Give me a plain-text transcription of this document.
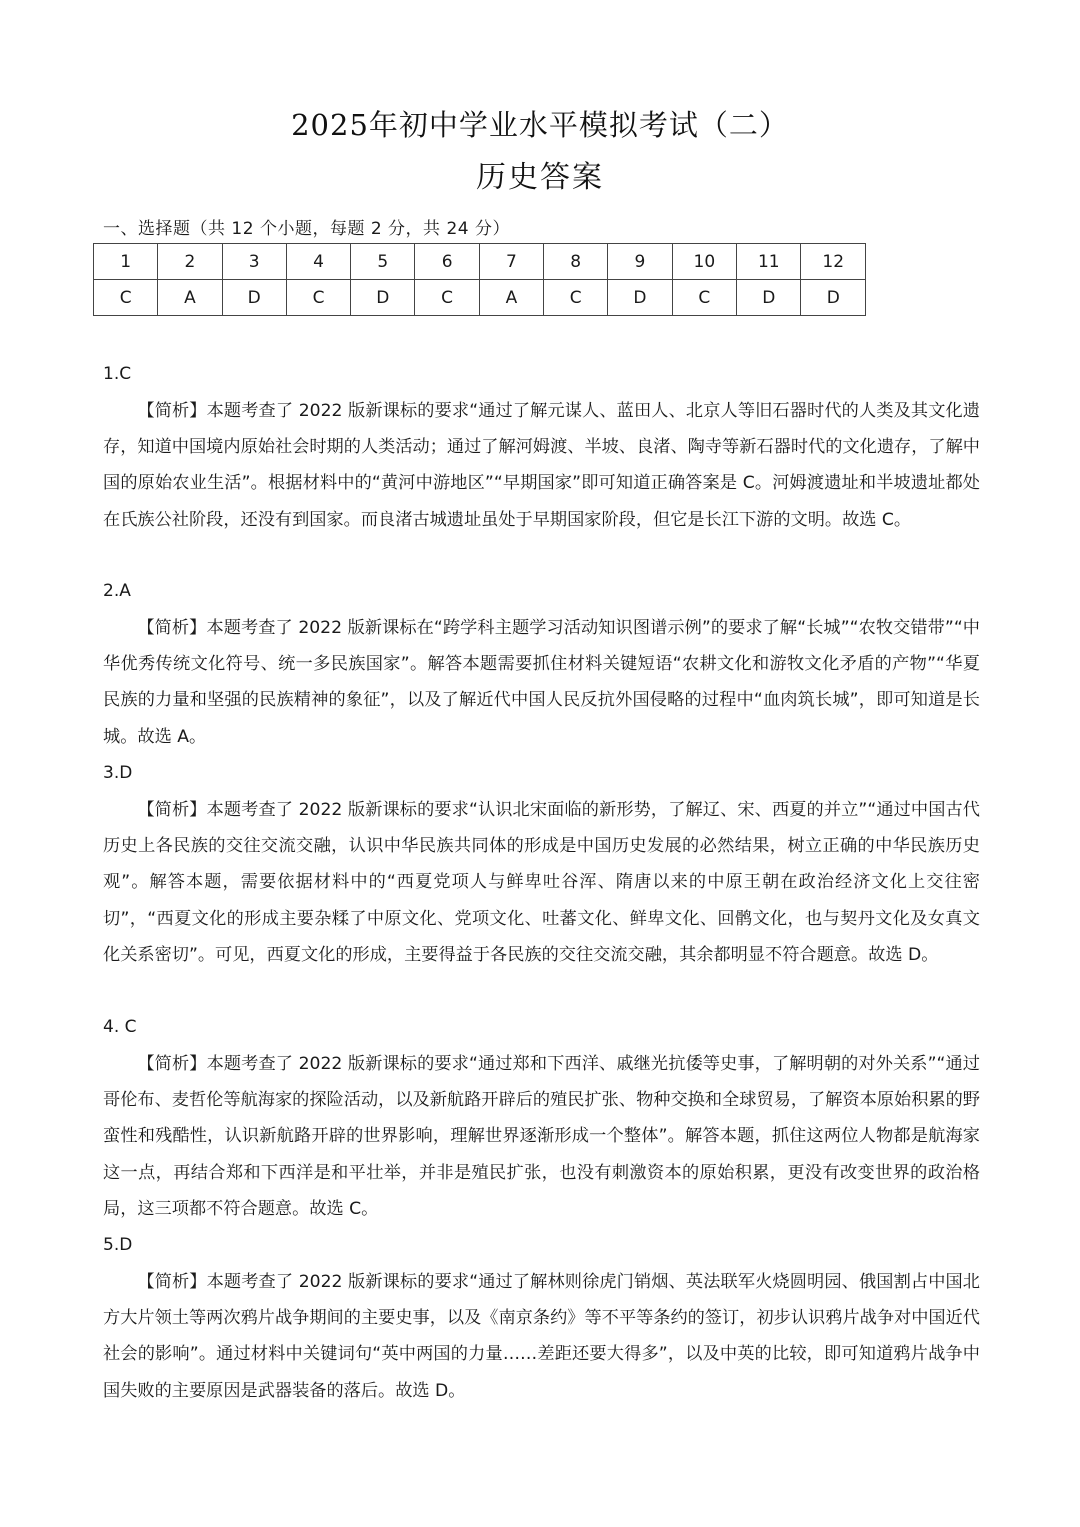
2025年初中学业水平模拟考试（二）
历史答案
一、选择题（共 12 个小题，每题 2 分，共 24 分）
1	2	3	4	5	6	7	8	9	10	11	12
C	A	D	C	D	C	A	C	D	C	D	D
1.C
【简析】本题考查了 2022 版新课标的要求“通过了解元谋人、蓝田人、北京人等旧石器时代的人类及其文化遗存，知道中国境内原始社会时期的人类活动；通过了解河姆渡、半坡、良渚、陶寺等新石器时代的文化遗存，了解中国的原始农业生活”。根据材料中的“黄河中游地区”“早期国家”即可知道正确答案是 C。河姆渡遗址和半坡遗址都处在氏族公社阶段，还没有到国家。而良渚古城遗址虽处于早期国家阶段，但它是长江下游的文明。故选 C。
2.A
【简析】本题考查了 2022 版新课标在“跨学科主题学习活动知识图谱示例”的要求了解“长城”“农牧交错带”“中华优秀传统文化符号、统一多民族国家”。解答本题需要抓住材料关键短语“农耕文化和游牧文化矛盾的产物”“华夏民族的力量和坚强的民族精神的象征”，以及了解近代中国人民反抗外国侵略的过程中“血肉筑长城”，即可知道是长城。故选 A。
3.D
【简析】本题考查了 2022 版新课标的要求“认识北宋面临的新形势，了解辽、宋、西夏的并立”“通过中国古代历史上各民族的交往交流交融，认识中华民族共同体的形成是中国历史发展的必然结果，树立正确的中华民族历史观”。解答本题，需要依据材料中的“西夏党项人与鲜卑吐谷浑、隋唐以来的中原王朝在政治经济文化上交往密切”，“西夏文化的形成主要杂糅了中原文化、党项文化、吐蕃文化、鲜卑文化、回鹘文化，也与契丹文化及女真文化关系密切”。可见，西夏文化的形成，主要得益于各民族的交往交流交融，其余都明显不符合题意。故选 D。
4. C
【简析】本题考查了 2022 版新课标的要求“通过郑和下西洋、戚继光抗倭等史事，了解明朝的对外关系”“通过哥伦布、麦哲伦等航海家的探险活动，以及新航路开辟后的殖民扩张、物种交换和全球贸易，了解资本原始积累的野蛮性和残酷性，认识新航路开辟的世界影响，理解世界逐渐形成一个整体”。解答本题，抓住这两位人物都是航海家这一点，再结合郑和下西洋是和平壮举，并非是殖民扩张，也没有刺激资本的原始积累，更没有改变世界的政治格局，这三项都不符合题意。故选 C。
5.D
【简析】本题考查了 2022 版新课标的要求“通过了解林则徐虎门销烟、英法联军火烧圆明园、俄国割占中国北方大片领土等两次鸦片战争期间的主要史事，以及《南京条约》等不平等条约的签订，初步认识鸦片战争对中国近代社会的影响”。通过材料中关键词句“英中两国的力量……差距还要大得多”，以及中英的比较，即可知道鸦片战争中国失败的主要原因是武器装备的落后。故选 D。
